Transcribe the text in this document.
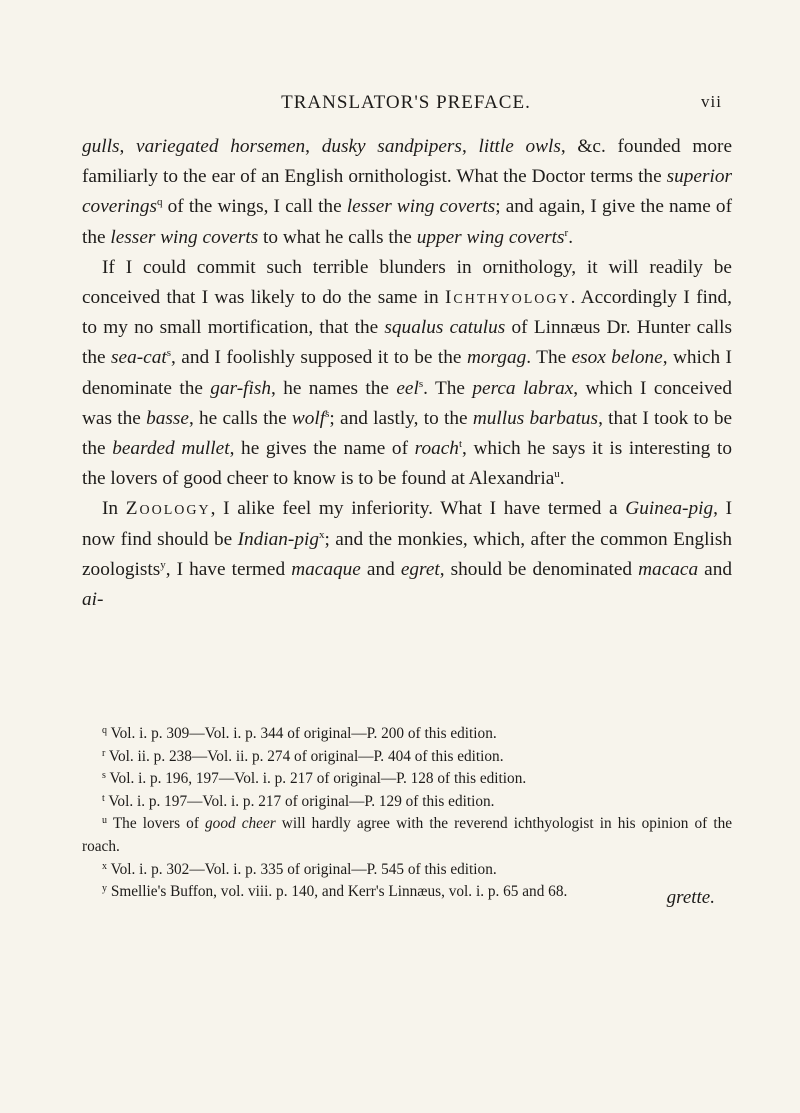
TRANSLATOR'S PREFACE.	vii

gulls, variegated horsemen, dusky sandpipers, little owls, &c. founded more familiarly to the ear of an English ornithologist. What the Doctor terms the superior coverings$^q$ of the wings, I call the lesser wing coverts; and again, I give the name of the lesser wing coverts to what he calls the upper wing coverts$^r$.

If I could commit such terrible blunders in ornithology, it will readily be conceived that I was likely to do the same in Ichthyology. Accordingly I find, to my no small mortification, that the squalus catulus of Linnæus Dr. Hunter calls the sea-cat$^s$, and I foolishly supposed it to be the morgag. The esox belone, which I denominate the gar-fish, he names the eel$^s$. The perca labrax, which I conceived was the basse, he calls the wolf$^s$; and lastly, to the mullus barbatus, that I took to be the bearded mullet, he gives the name of roach$^t$, which he says it is interesting to the lovers of good cheer to know is to be found at Alexandria$^u$.

In Zoology, I alike feel my inferiority. What I have termed a Guinea-pig, I now find should be Indian-pig$^x$; and the monkies, which, after the common English zoologists$^y$, I have termed macaque and egret, should be denominated macaca and ai-

$^q$ Vol. i. p. 309—Vol. i. p. 344 of original—P. 200 of this edition.

$^r$ Vol. ii. p. 238—Vol. ii. p. 274 of original—P. 404 of this edition.

$^s$ Vol. i. p. 196, 197—Vol. i. p. 217 of original—P. 128 of this edition.

$^t$ Vol. i. p. 197—Vol. i. p. 217 of original—P. 129 of this edition.

$^u$ The lovers of good cheer will hardly agree with the reverend ichthyologist in his opinion of the roach.

$^x$ Vol. i. p. 302—Vol. i. p. 335 of original—P. 545 of this edition.

$^y$ Smellie's Buffon, vol. viii. p. 140, and Kerr's Linnæus, vol. i. p. 65 and 68.	grette.
